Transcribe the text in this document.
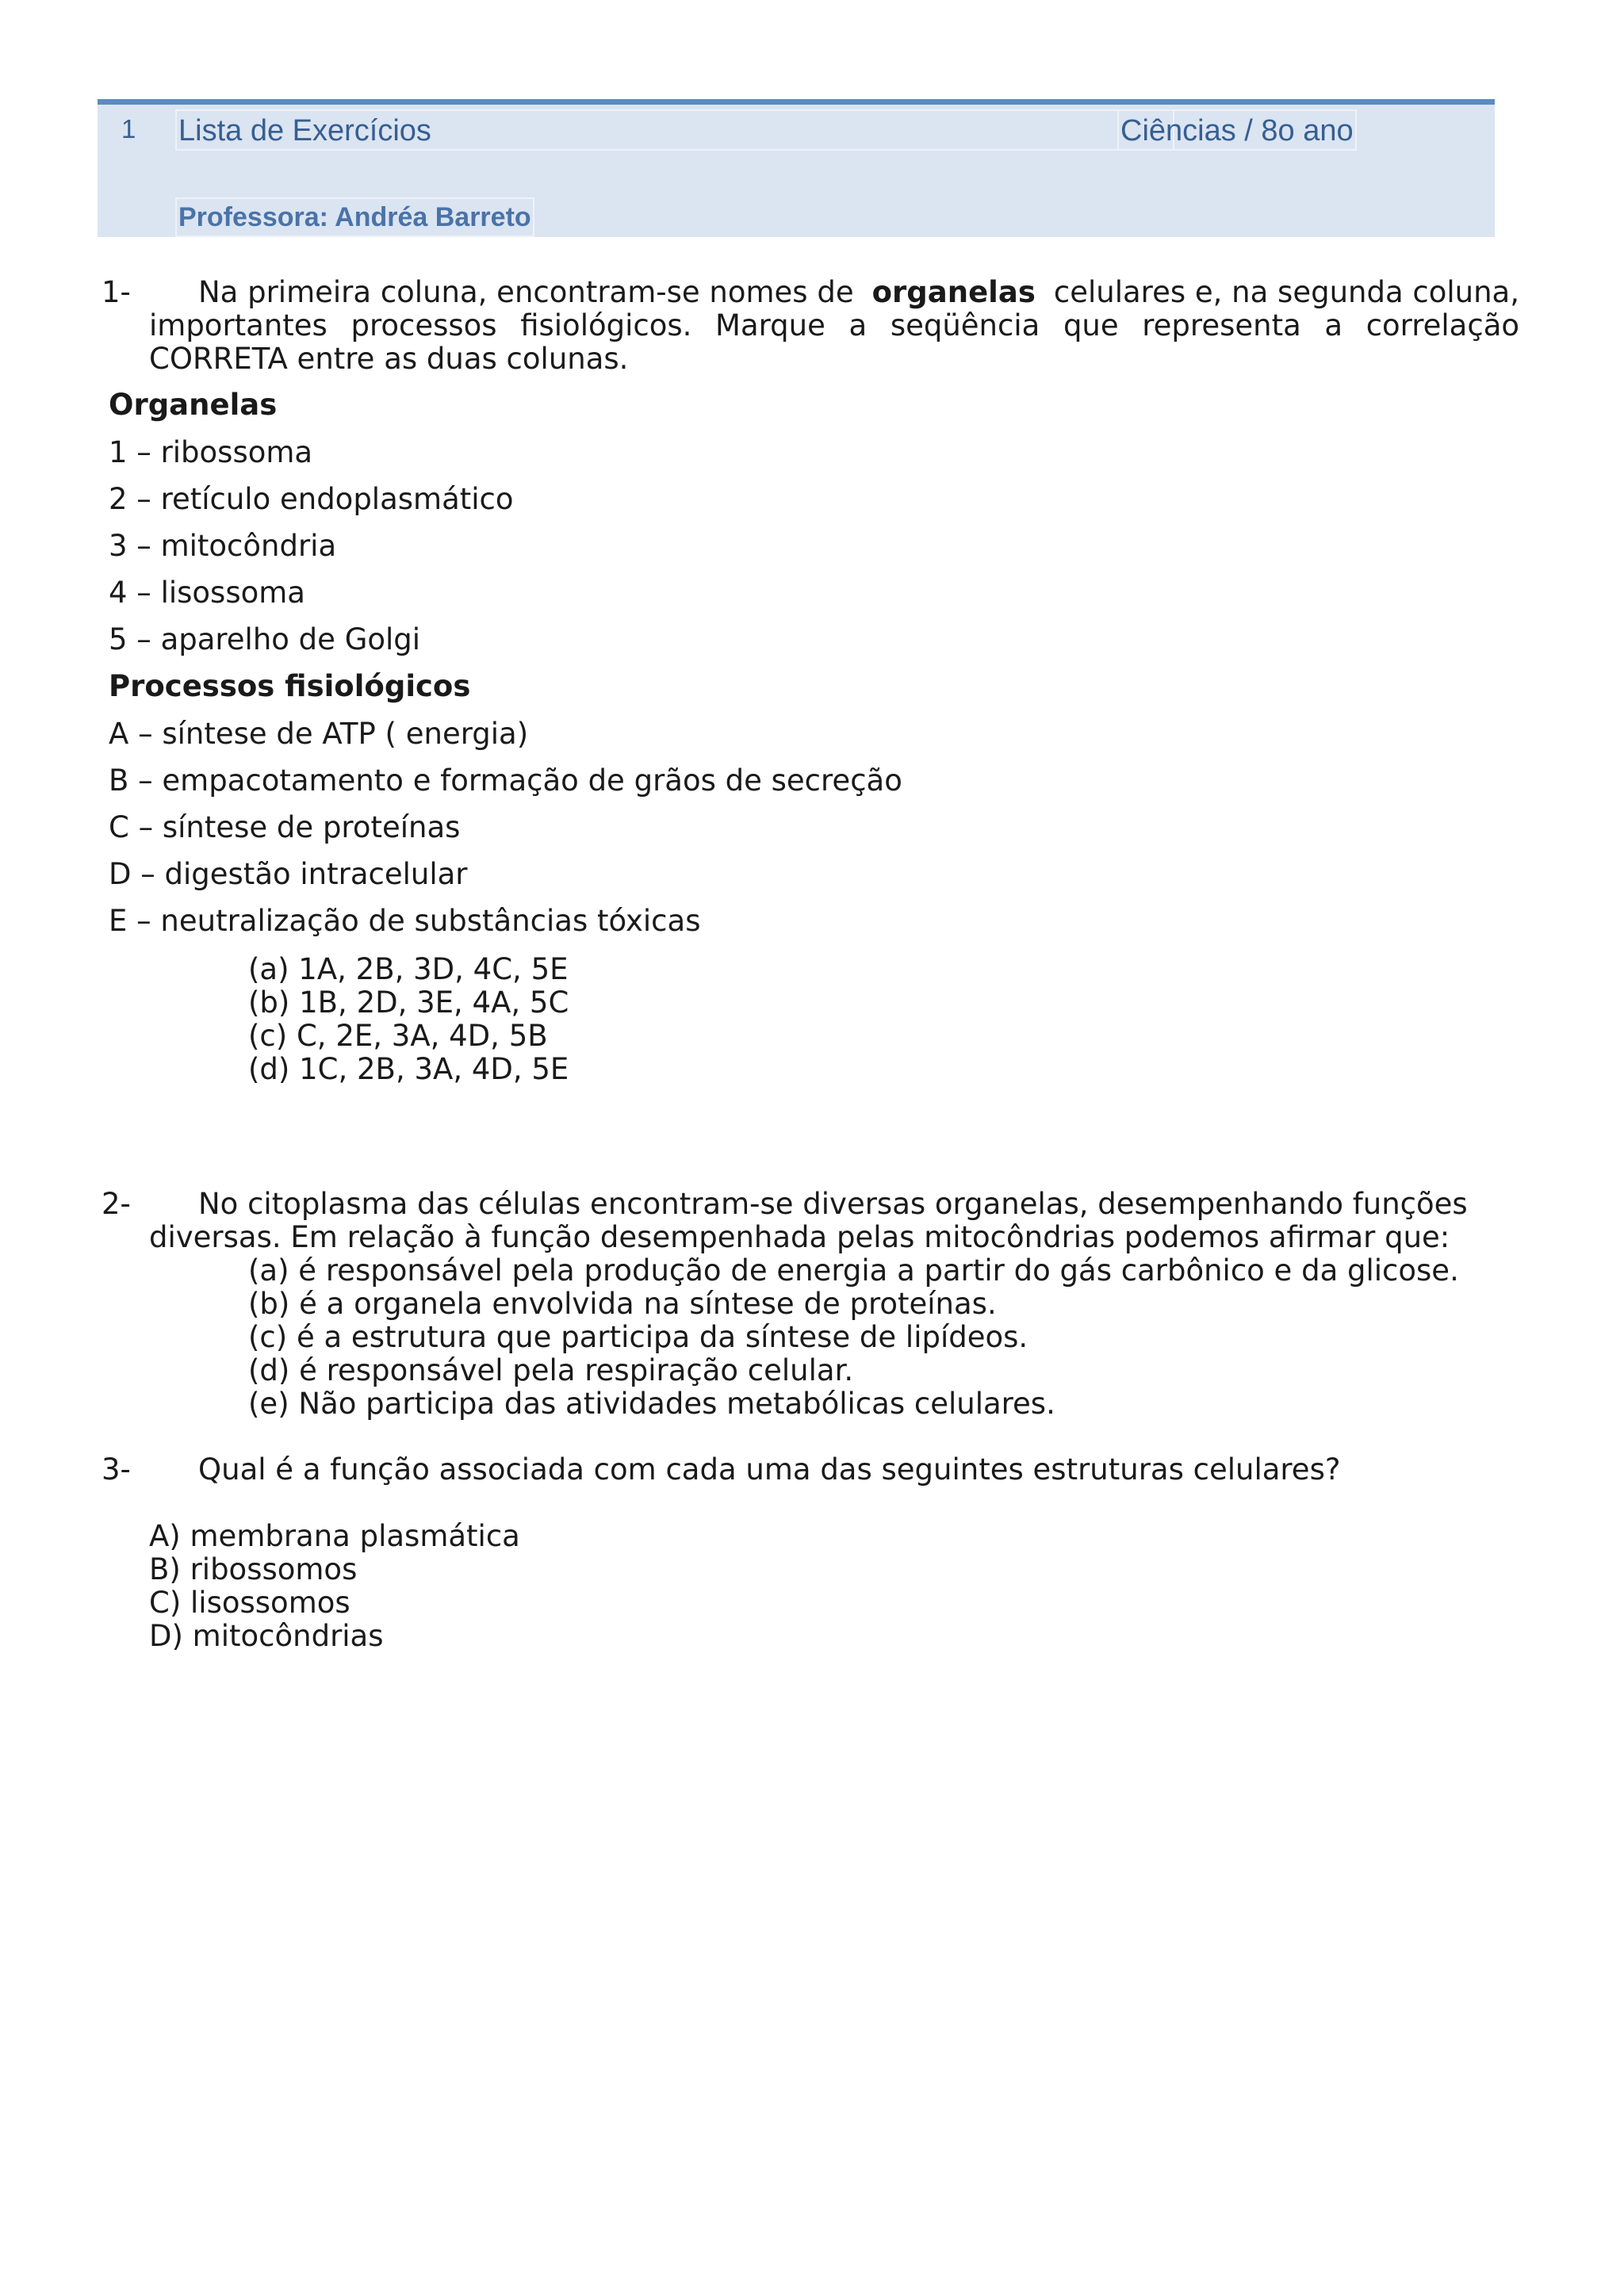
1 Lista de Exercícios	Ciências / 8o ano
Professora: Andréa Barreto
1- Na primeira coluna, encontram-se nomes de organelas celulares e, na segunda coluna,
importantes processos fisiológicos. Marque a seqüência que representa a correlação
CORRETA entre as duas colunas.
Organelas
1 – ribossoma
2 – retículo endoplasmático
3 – mitocôndria
4 – lisossoma
5 – aparelho de Golgi
Processos fisiológicos
A – síntese de ATP ( energia)
B – empacotamento e formação de grãos de secreção
C – síntese de proteínas
D – digestão intracelular
E – neutralização de substâncias tóxicas
(a) 1A, 2B, 3D, 4C, 5E
(b) 1B, 2D, 3E, 4A, 5C
(c) C, 2E, 3A, 4D, 5B
(d) 1C, 2B, 3A, 4D, 5E
2- No citoplasma das células encontram-se diversas organelas, desempenhando funções
diversas. Em relação à função desempenhada pelas mitocôndrias podemos afirmar que:
(a) é responsável pela produção de energia a partir do gás carbônico e da glicose.
(b) é a organela envolvida na síntese de proteínas.
(c) é a estrutura que participa da síntese de lipídeos.
(d) é responsável pela respiração celular.
(e) Não participa das atividades metabólicas celulares.
3- Qual é a função associada com cada uma das seguintes estruturas celulares?
A) membrana plasmática
B) ribossomos
C) lisossomos
D) mitocôndrias
